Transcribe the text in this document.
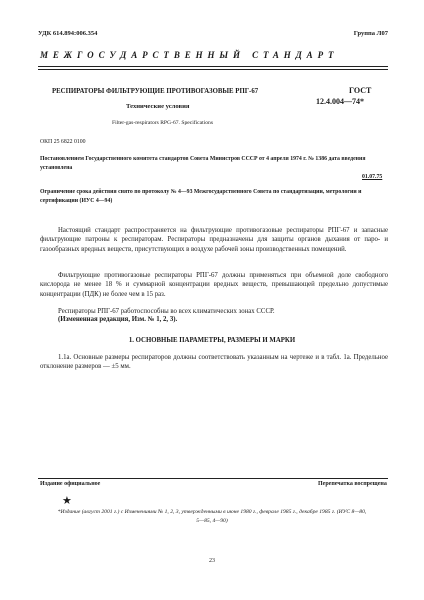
УДК 614.894:006.354	Группа Л07
МЕЖГОСУДАРСТВЕННЫЙ СТАНДАРТ
РЕСПИРАТОРЫ ФИЛЬТРУЮЩИЕ ПРОТИВОГАЗОВЫЕ РПГ-67
Технические условия
Filter-gas-respirators RPG-67. Specifications
ГОСТ
12.4.004—74*
ОКП 25 6822 0100
Постановлением Государственного комитета стандартов Совета Министров СССР от 4 апреля 1974 г. № 1386 дата введения установлена
01.07.75
Ограничение срока действия снято по протоколу № 4—93 Межгосударственного Совета по стандартизации, метрологии и сертификации (ИУС 4—94)

Настоящий стандарт распространяется на фильтрующие противогазовые респираторы РПГ-67 и запасные фильтрующие патроны к респираторам. Респираторы предназначены для защиты органов дыхания от паро- и газообразных вредных веществ, присутствующих в воздухе рабочей зоны производственных помещений.

Фильтрующие противогазовые респираторы РПГ-67 должны применяться при объемной доле свободного кислорода не менее 18 % и суммарной концентрации вредных веществ, превышающей предельно допустимые концентрации (ПДК) не более чем в 15 раз.

Респираторы РПГ-67 работоспособны во всех климатических зонах СССР.

(Измененная редакция, Изм. № 1, 2, 3).
1. ОСНОВНЫЕ ПАРАМЕТРЫ, РАЗМЕРЫ И МАРКИ

1.1а. Основные размеры респираторов должны соответствовать указанным на чертеже и в табл. 1а. Предельное отклонение размеров — ±5 мм.

Издание официальное	Перепечатка воспрещена
★
*Издание (август 2001 г.) с Изменениями № 1, 2, 3, утвержденными в июне 1980 г., феврале 1985 г., декабре 1985 г. (ИУС 8—80, 5—85, 4—90)
23
